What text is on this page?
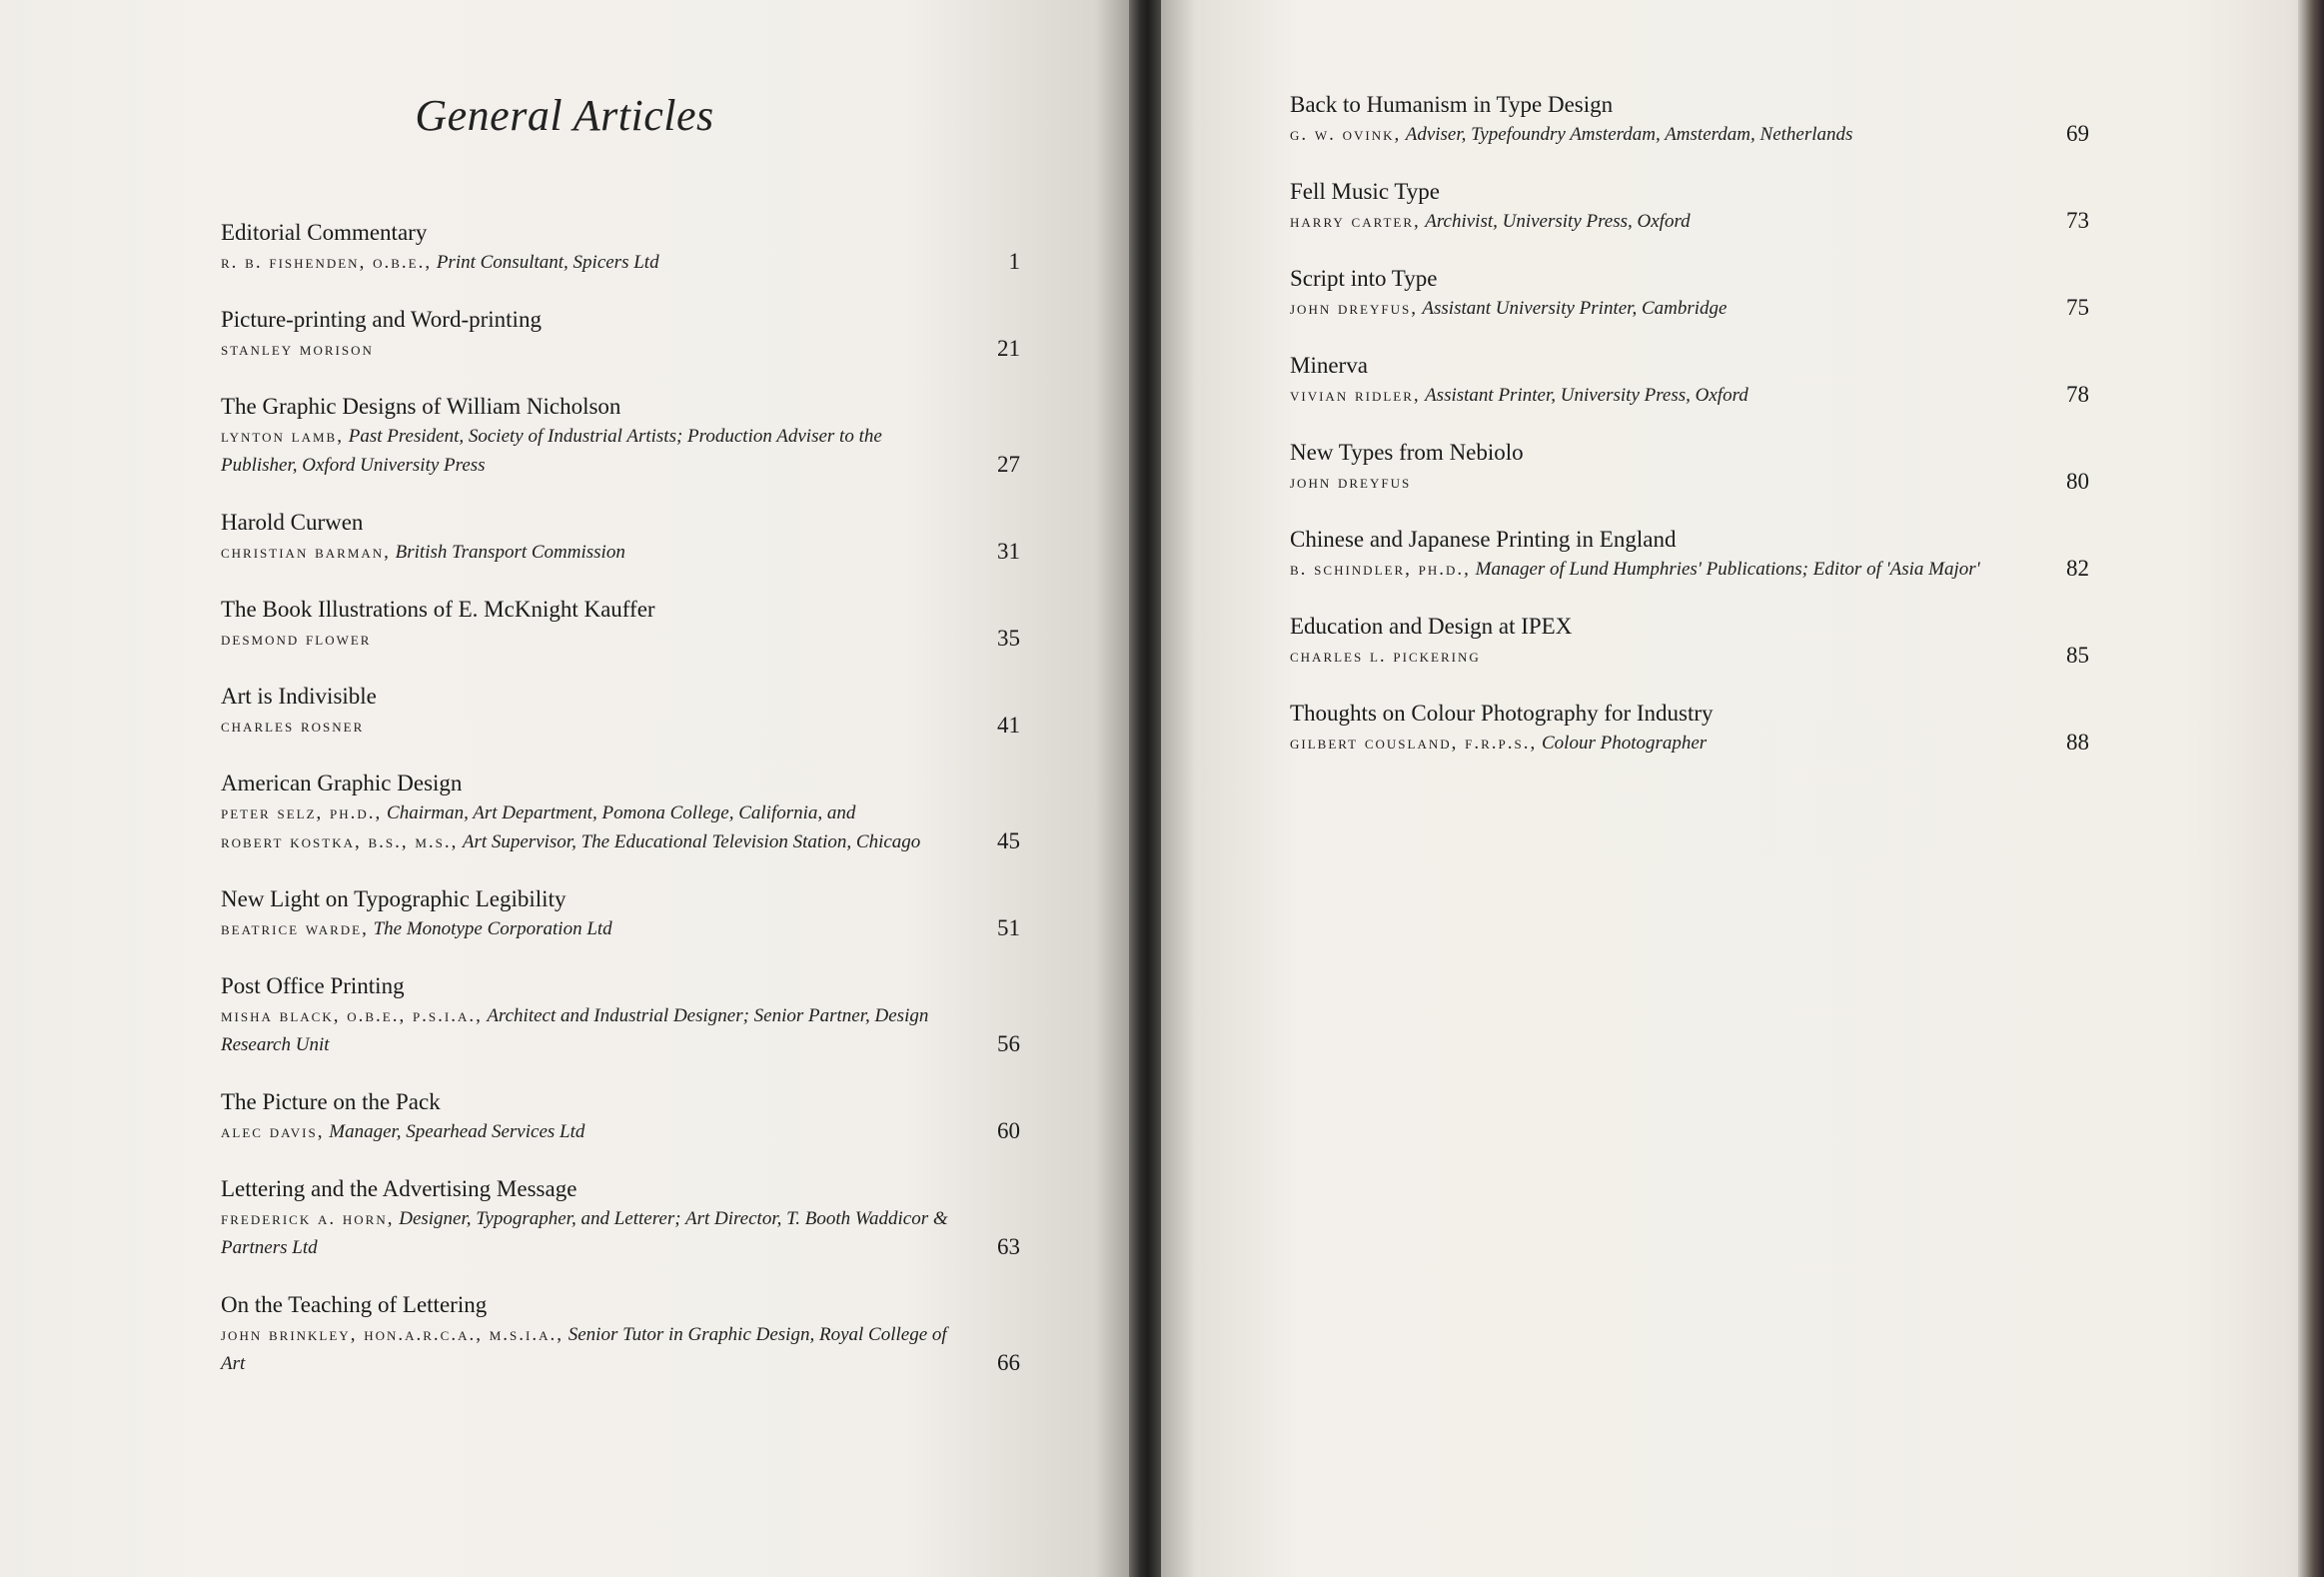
General Articles
Editorial Commentary
r. b. fishenden, o.b.e., Print Consultant, Spicers Ltd	1
Picture-printing and Word-printing
stanley morison	21
The Graphic Designs of William Nicholson
lynton lamb, Past President, Society of Industrial Artists; Production Adviser to the Publisher, Oxford University Press	27
Harold Curwen
christian barman, British Transport Commission	31
The Book Illustrations of E. McKnight Kauffer
desmond flower	35
Art is Indivisible
charles rosner	41
American Graphic Design
peter selz, ph.d., Chairman, Art Department, Pomona College, California, and
robert kostka, b.s., m.s., Art Supervisor, The Educational Television Station, Chicago	45
New Light on Typographic Legibility
beatrice warde, The Monotype Corporation Ltd	51
Post Office Printing
misha black, o.b.e., p.s.i.a., Architect and Industrial Designer; Senior Partner, Design Research Unit	56
The Picture on the Pack
alec davis, Manager, Spearhead Services Ltd	60
Lettering and the Advertising Message
frederick a. horn, Designer, Typographer, and Letterer; Art Director, T. Booth Waddicor & Partners Ltd	63
On the Teaching of Lettering
john brinkley, hon.a.r.c.a., m.s.i.a., Senior Tutor in Graphic Design, Royal College of Art	66
Back to Humanism in Type Design
g. w. ovink, Adviser, Typefoundry Amsterdam, Amsterdam, Netherlands	69
Fell Music Type
harry carter, Archivist, University Press, Oxford	73
Script into Type
john dreyfus, Assistant University Printer, Cambridge	75
Minerva
vivian ridler, Assistant Printer, University Press, Oxford	78
New Types from Nebiolo
john dreyfus	80
Chinese and Japanese Printing in England
b. schindler, ph.d., Manager of Lund Humphries' Publications; Editor of 'Asia Major'	82
Education and Design at IPEX
charles l. pickering	85
Thoughts on Colour Photography for Industry
gilbert cousland, f.r.p.s., Colour Photographer	88
